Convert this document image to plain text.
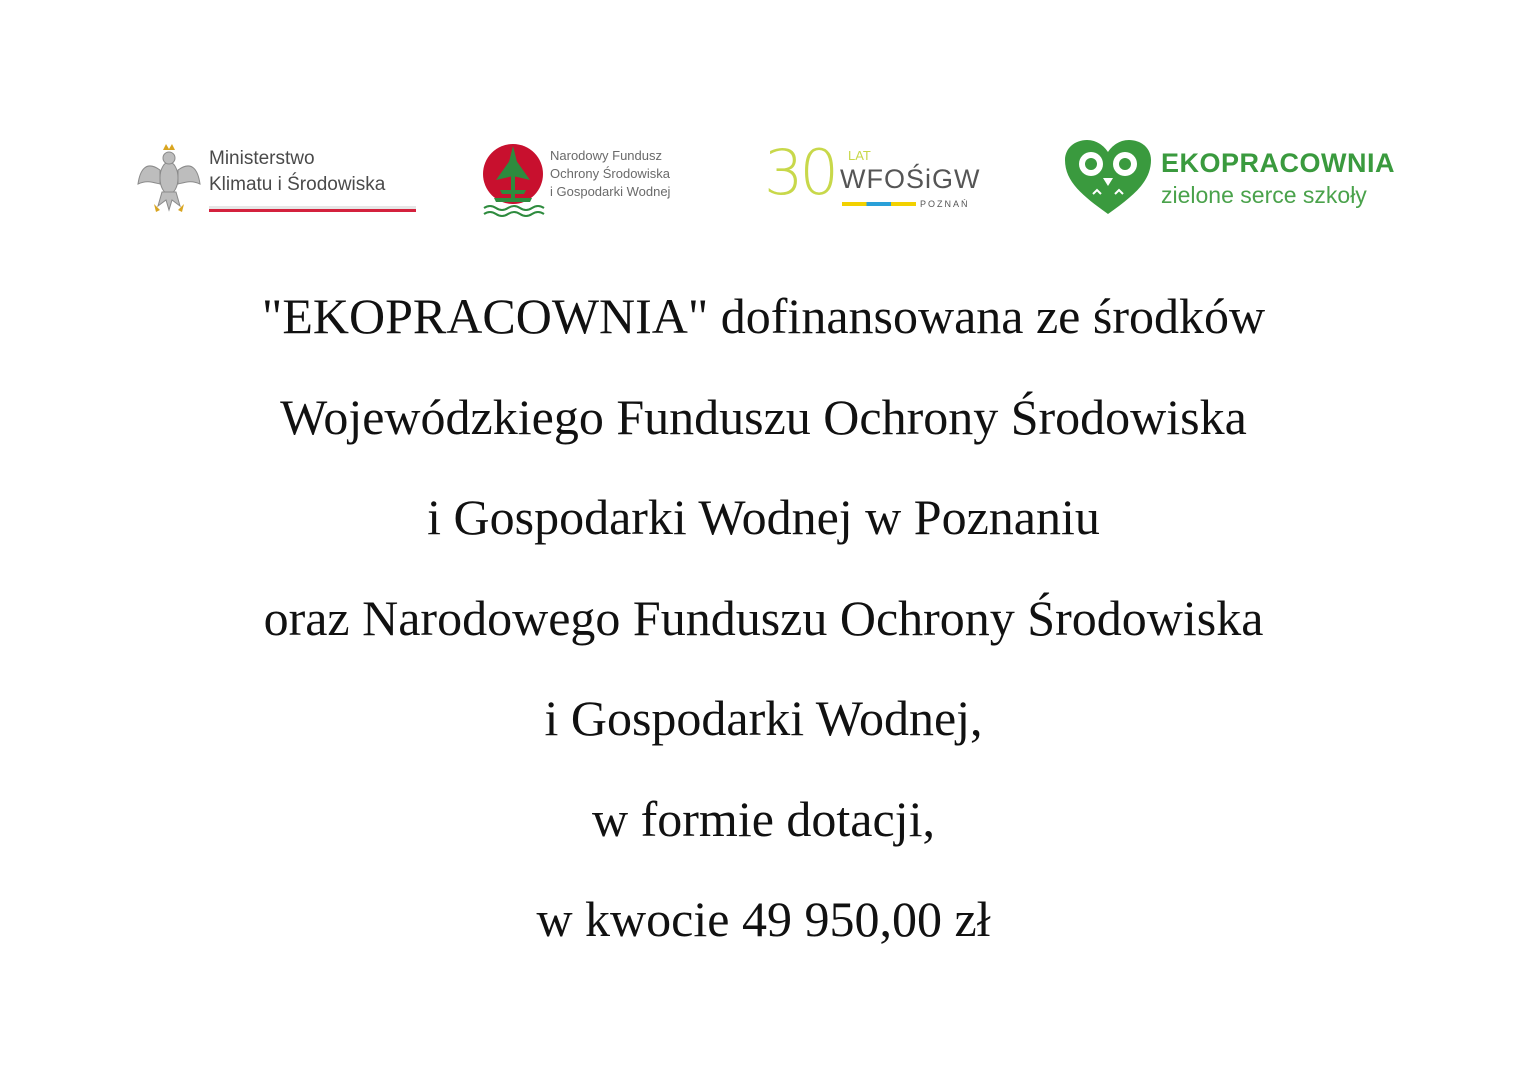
Ministerstwo
Klimatu i Środowiska
Narodowy Fundusz
Ochrony Środowiska
i Gospodarki Wodnej 30 LAT
WFOŚiGW
POZNAŃ
EKOPRACOWNIA
zielone serce szkoły
"EKOPRACOWNIA" dofinansowana ze środków
Wojewódzkiego Funduszu Ochrony Środowiska
i Gospodarki Wodnej w Poznaniu
oraz Narodowego Funduszu Ochrony Środowiska
i Gospodarki Wodnej,
w formie dotacji,
w kwocie 49 950,00 zł
